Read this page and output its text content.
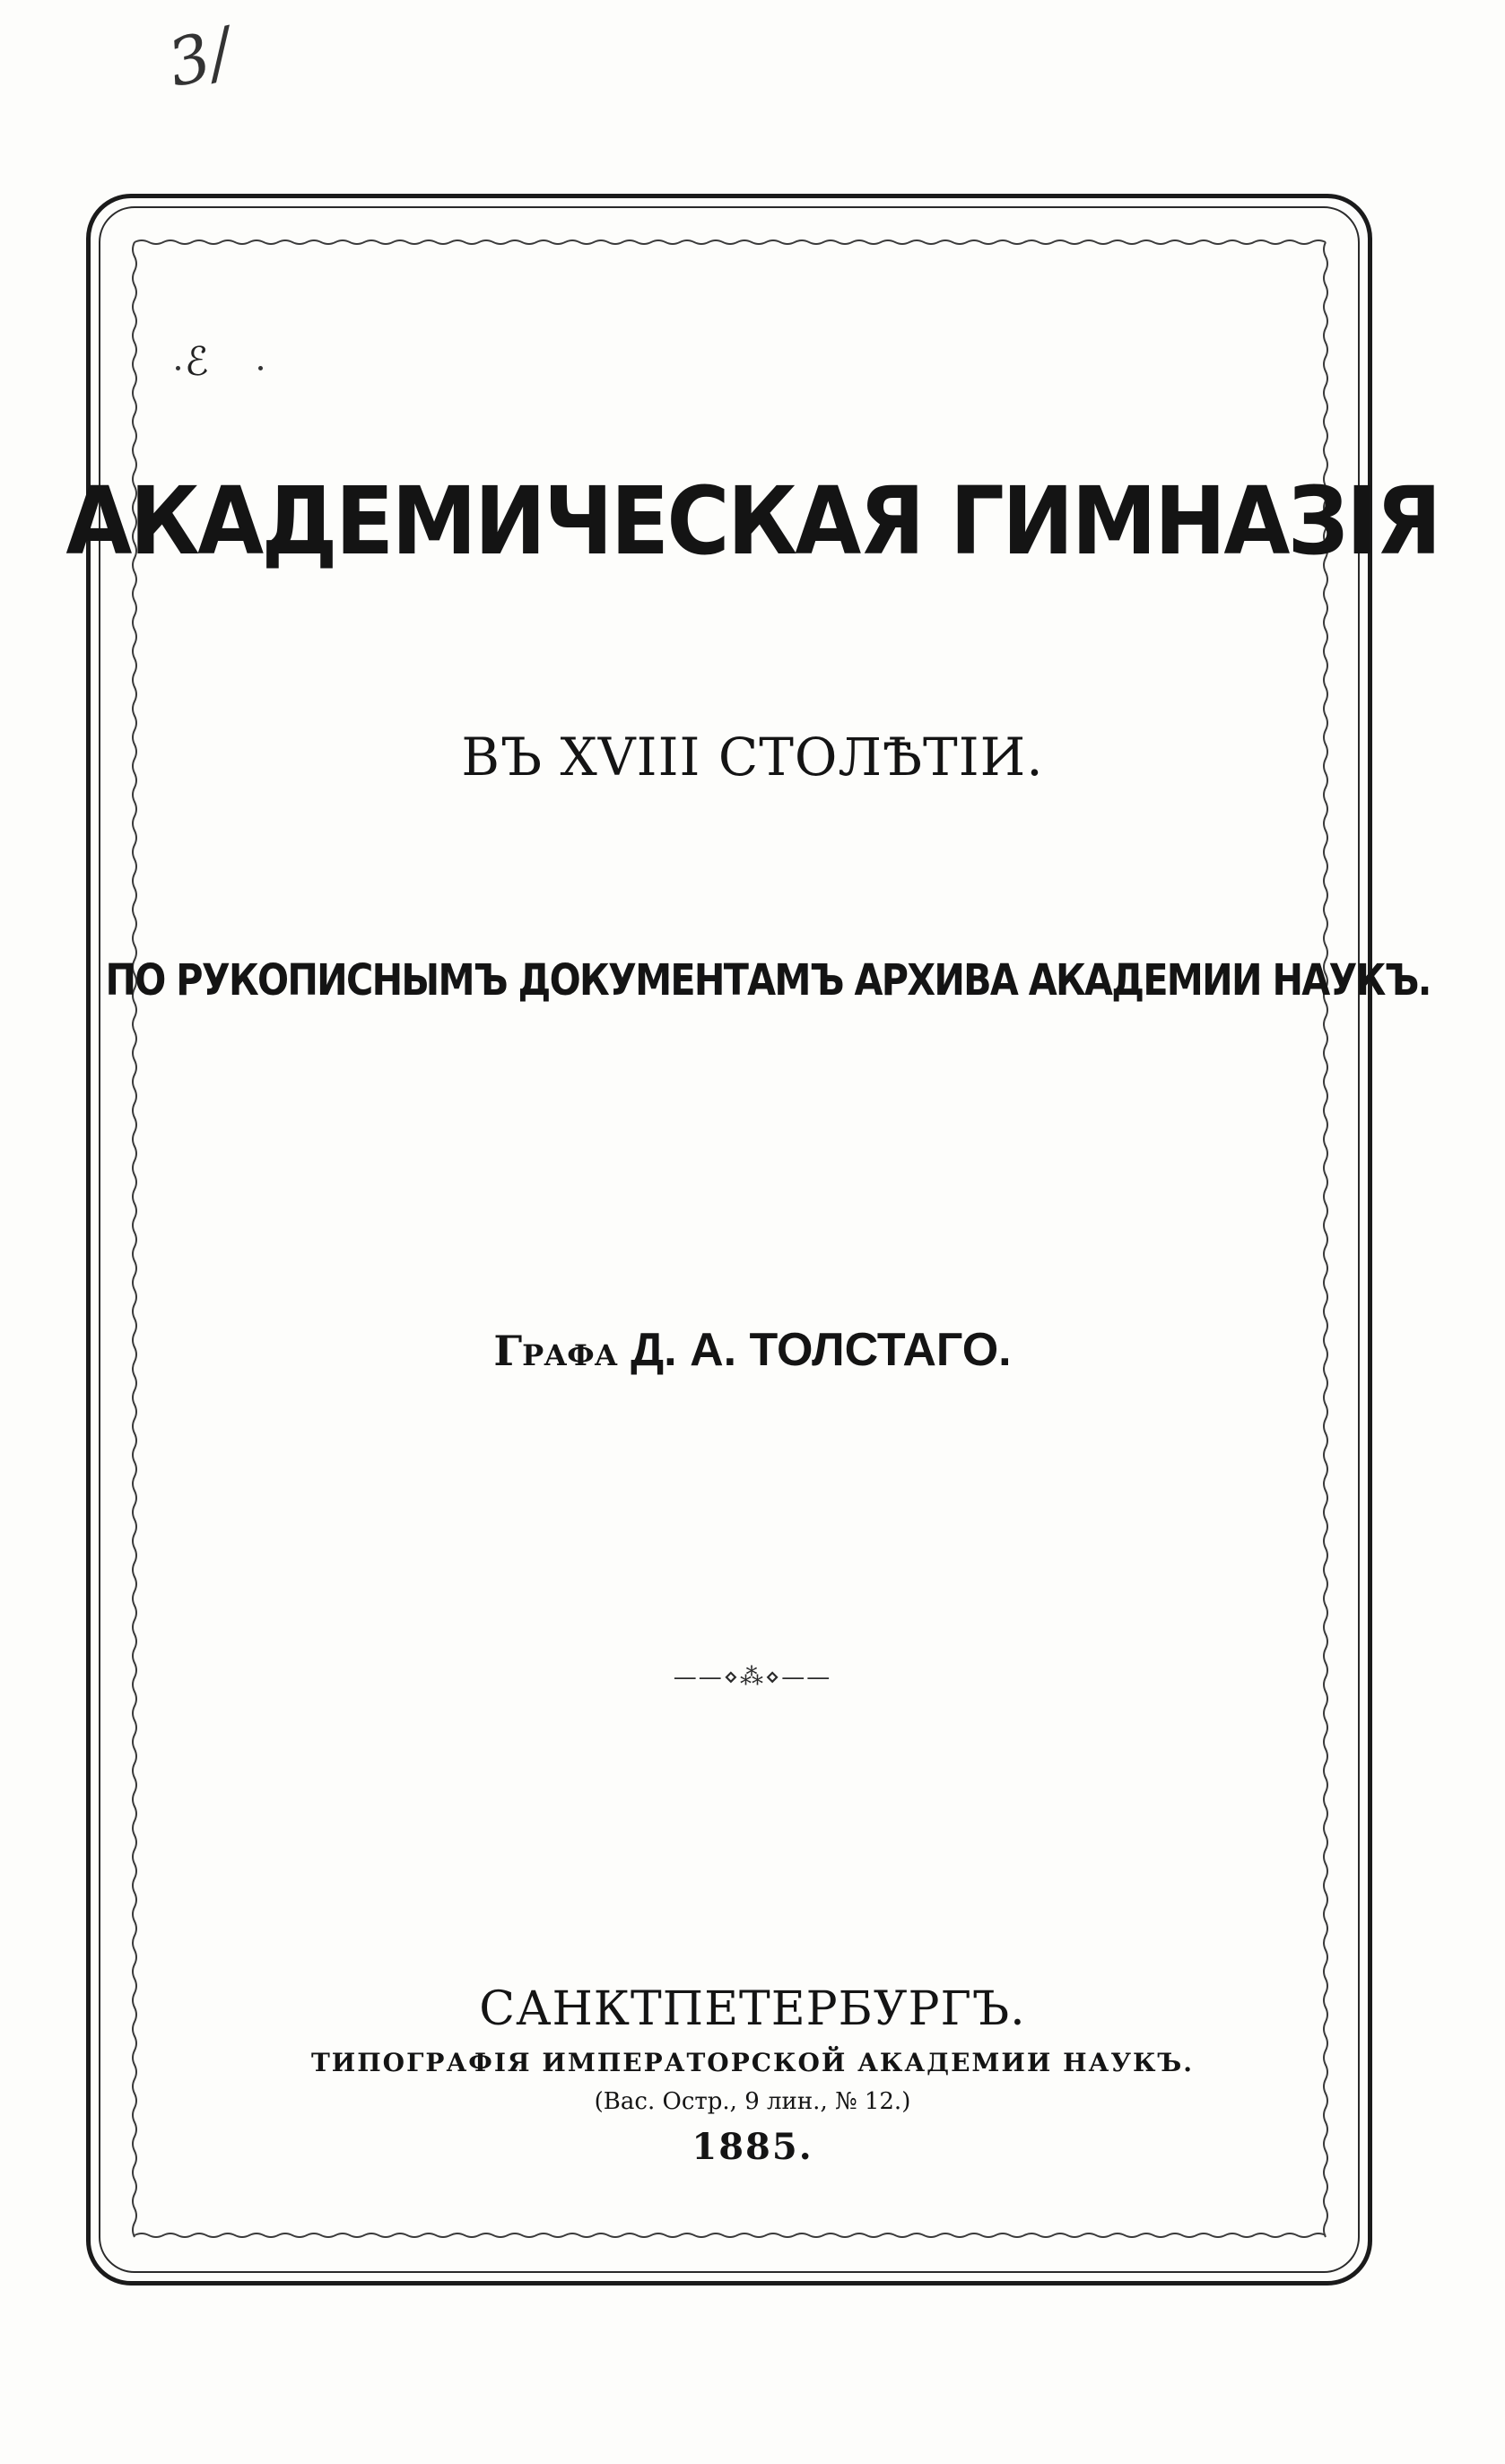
3/
ℰ
АКАДЕМИЧЕСКАЯ ГИМНАЗІЯ
ВЪ XVIII СТОЛѢТІИ.
ПО РУКОПИСНЫМЪ ДОКУМЕНТАМЪ АРХИВА АКАДЕМИИ НАУКЪ.
Графа Д. А. ТОЛСТАГО.
——⋄⁂⋄——
САНКТПЕТЕРБУРГЪ.
ТИПОГРАФІЯ ИМПЕРАТОРСКОЙ АКАДЕМИИ НАУКЪ.
(Вас. Остр., 9 лин., № 12.)
1885.
